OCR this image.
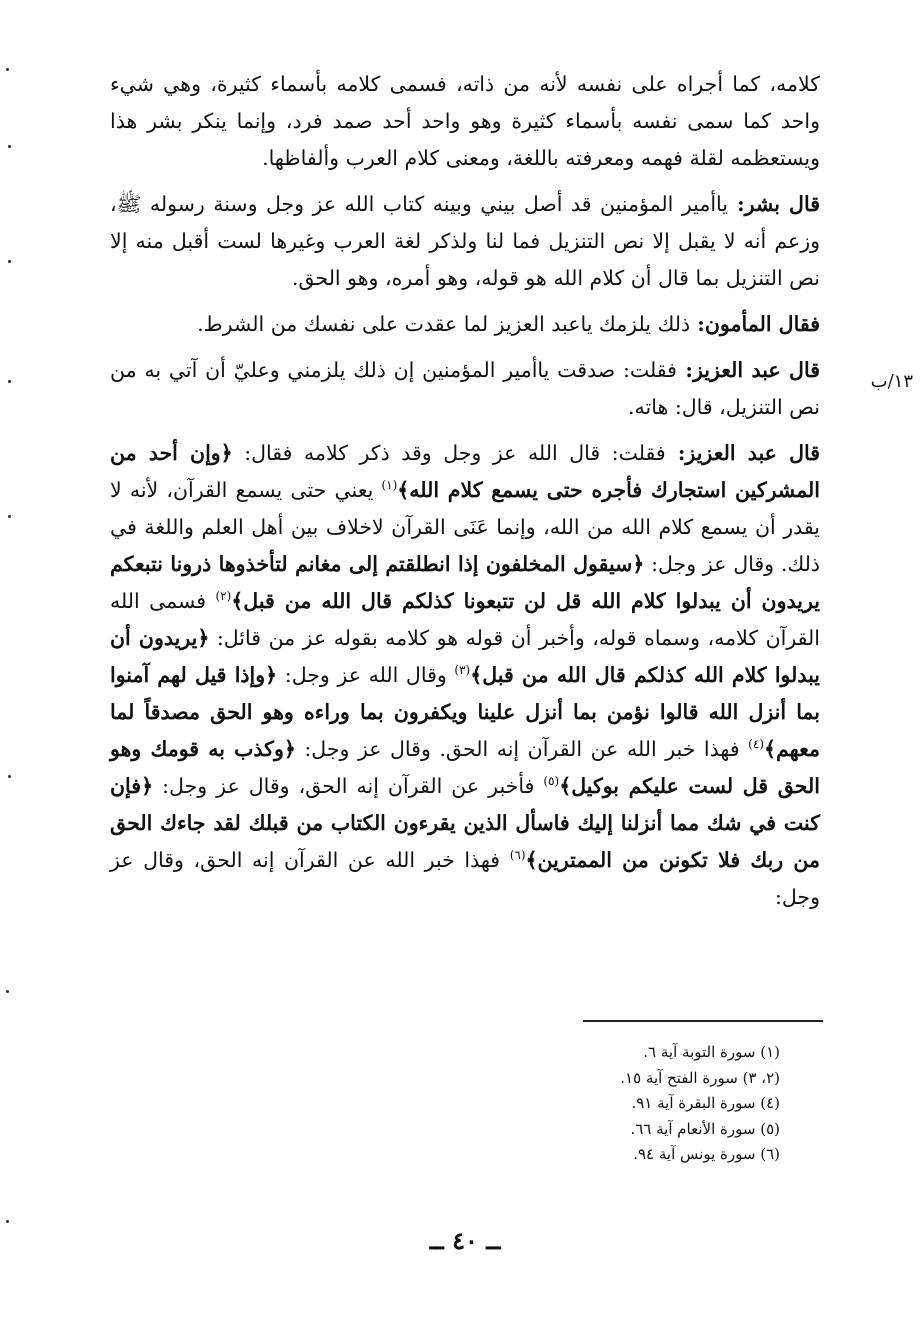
كلامه، كما أجراه على نفسه لأنه من ذاته، فسمى كلامه بأسماء كثيرة، وهي شيء واحد كما سمى نفسه بأسماء كثيرة وهو واحد أحد صمد فرد، وإنما ينكر بشر هذا ويستعظمه لقلة فهمه ومعرفته باللغة، ومعنى كلام العرب وألفاظها.

قال بشر: ياأمير المؤمنين قد أصل بيني وبينه كتاب الله عز وجل وسنة رسوله ﷺ، وزعم أنه لا يقبل إلا نص التنزيل فما لنا ولذكر لغة العرب وغيرها لست أقبل منه إلا نص التنزيل بما قال أن كلام الله هو قوله، وهو أمره، وهو الحق.

فقال المأمون: ذلك يلزمك ياعبد العزيز لما عقدت على نفسك من الشرط.

قال عبد العزيز: فقلت: صدقت ياأمير المؤمنين إن ذلك يلزمني وعليّ أن آتي به من نص التنزيل، قال: هاته.

قال عبد العزيز: فقلت: قال الله عز وجل وقد ذكر كلامه فقال: ﴿وإن أحد من المشركين استجارك فأجره حتى يسمع كلام الله﴾$^{(١)}$ يعني حتى يسمع القرآن، لأنه لا يقدر أن يسمع كلام الله من الله، وإنما عَنَى القرآن لاخلاف بين أهل العلم واللغة في ذلك. وقال عز وجل: ﴿سيقول المخلفون إذا انطلقتم إلى مغانم لتأخذوها ذرونا نتبعكم يريدون أن يبدلوا كلام الله قل لن تتبعونا كذلكم قال الله من قبل﴾$^{(٢)}$ فسمى الله القرآن كلامه، وسماه قوله، وأخبر أن قوله هو كلامه بقوله عز من قائل: ﴿يريدون أن يبدلوا كلام الله كذلكم قال الله من قبل﴾$^{(٣)}$ وقال الله عز وجل: ﴿وإذا قيل لهم آمنوا بما أنزل الله قالوا نؤمن بما أنزل علينا ويكفرون بما وراءه وهو الحق مصدقاً لما معهم﴾$^{(٤)}$ فهذا خبر الله عن القرآن إنه الحق. وقال عز وجل: ﴿وكذب به قومك وهو الحق قل لست عليكم بوكيل﴾$^{(٥)}$ فأخبر عن القرآن إنه الحق، وقال عز وجل: ﴿فإن كنت في شك مما أنزلنا إليك فاسأل الذين يقرءون الكتاب من قبلك لقد جاءك الحق من ربك فلا تكونن من الممترين﴾$^{(٦)}$ فهذا خبر الله عن القرآن إنه الحق، وقال عز وجل:

١٣/ب

(١) سورة التوبة آية ٦.

(٢، ٣) سورة الفتح آية ١٥.

(٤) سورة البقرة آية ٩١.

(٥) سورة الأنعام آية ٦٦.

(٦) سورة يونس آية ٩٤.

ــ ٤٠ ــ
